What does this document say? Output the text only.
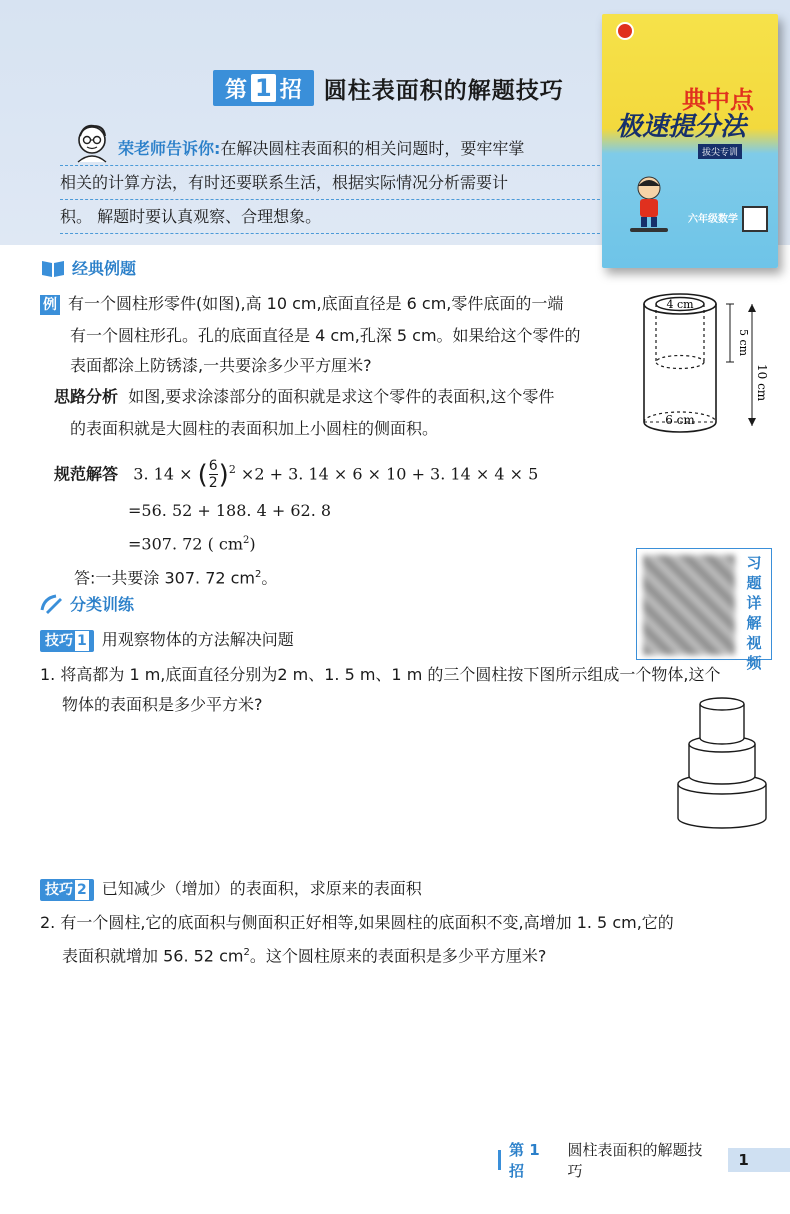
第 1 招 圆柱表面积的解题技巧
荣老师告诉你:在解决圆柱表面积的相关问题时，要牢牢掌
相关的计算方法，有时还要联系生活，根据实际情况分析需要计
积。 解题时要认真观察、合理想象。
典中点
极速提分法
拔尖专训
六年级数学
经典例题
例 有一个圆柱形零件(如图),高 10 cm,底面直径是 6 cm,零件底面的一端
有一个圆柱形孔。孔的底面直径是 4 cm,孔深 5 cm。如果给这个零件的
表面都涂上防锈漆,一共要涂多少平方厘米?
思路分析 如图,要求涂漆部分的面积就是求这个零件的表面积,这个零件
的表面积就是大圆柱的表面积加上小圆柱的侧面积。
4 cm
6 cm
5 cm
10 cm
规范解答 3. 14 × ( $\frac{6}{2} )^2 \times 2 + 3$. 14 × 6 × 10 + 3. 14 × 4 × 5
=56. 52 + 188. 4 + 62. 8
=307. 72 ( $cm^2$)
答:一共要涂 307. 72 $cm^2$。
习题详解视频
分类训练
技巧 1 用观察物体的方法解决问题
1. 将高都为 1 m,底面直径分别为2 m、1. 5 m、1 m 的三个圆柱按下图所示组成一个物体,这个
物体的表面积是多少平方米?
技巧 2 已知减少（增加）的表面积，求原来的表面积
2. 有一个圆柱,它的底面积与侧面积正好相等,如果圆柱的底面积不变,高增加 1. 5 cm,它的
表面积就增加 56. 52 $cm^2$。这个圆柱原来的表面积是多少平方厘米?
第 1 招
圆柱表面积的解题技巧
1
